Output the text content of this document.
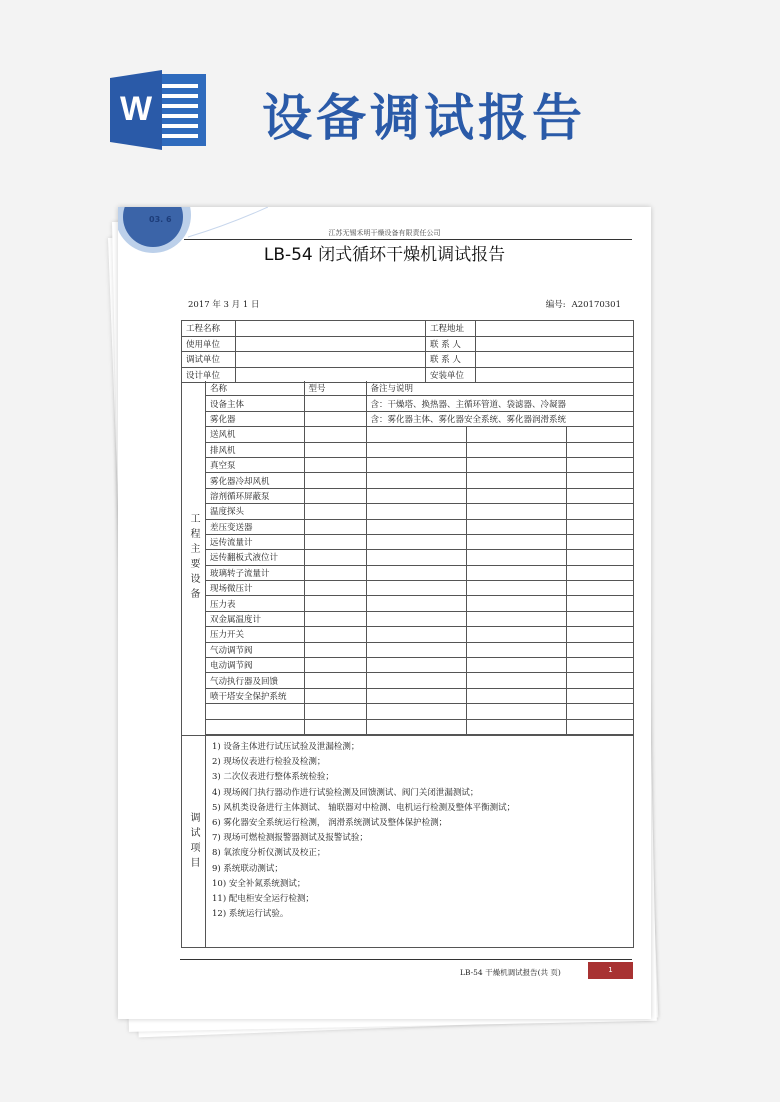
W 设备调试报告
03. 6
江苏无锡禾明干燥设备有限责任公司
LB-54 闭式循环干燥机调试报告
2017 年 3 月 1 日	编号: A20170301
工程名称		工程地址	
使用单位		联 系 人	
调试单位		联 系 人	
设计单位		安装单位	
工程主要设备
名称	型号	备注与说明		
设备主体		含：干燥塔、换热器、主循环管道、袋滤器、冷凝器		
雾化器		含：雾化器主体、雾化器安全系统、雾化器润滑系统		
送风机				
排风机				
真空泵				
雾化器冷却风机				
溶剂循环屏蔽泵				
温度探头				
差压变送器				
远传流量计				
远传翻板式液位计				
玻璃转子流量计				
现场微压计				
压力表				
双金属温度计				
压力开关				
气动调节阀				
电动调节阀				
气动执行器及回馈				
喷干塔安全保护系统				

调试项目
1) 设备主体进行试压试验及泄漏检测；
2) 现场仪表进行检验及检测；
3) 二次仪表进行整体系统检验；
4) 现场阀门执行器动作进行试验检测及回馈测试、阀门关闭泄漏测试；
5) 风机类设备进行主体测试、 轴联器对中检测、电机运行检测及整体平衡测试；
6) 雾化器安全系统运行检测， 润滑系统测试及整体保护检测；
7) 现场可燃检测报警器测试及报警试验；
8) 氧浓度分析仪测试及校正；
9) 系统联动测试；
10) 安全补氮系统测试；
11) 配电柜安全运行检测；
12) 系统运行试验。
LB-54 干燥机调试报告(共 页)	1
